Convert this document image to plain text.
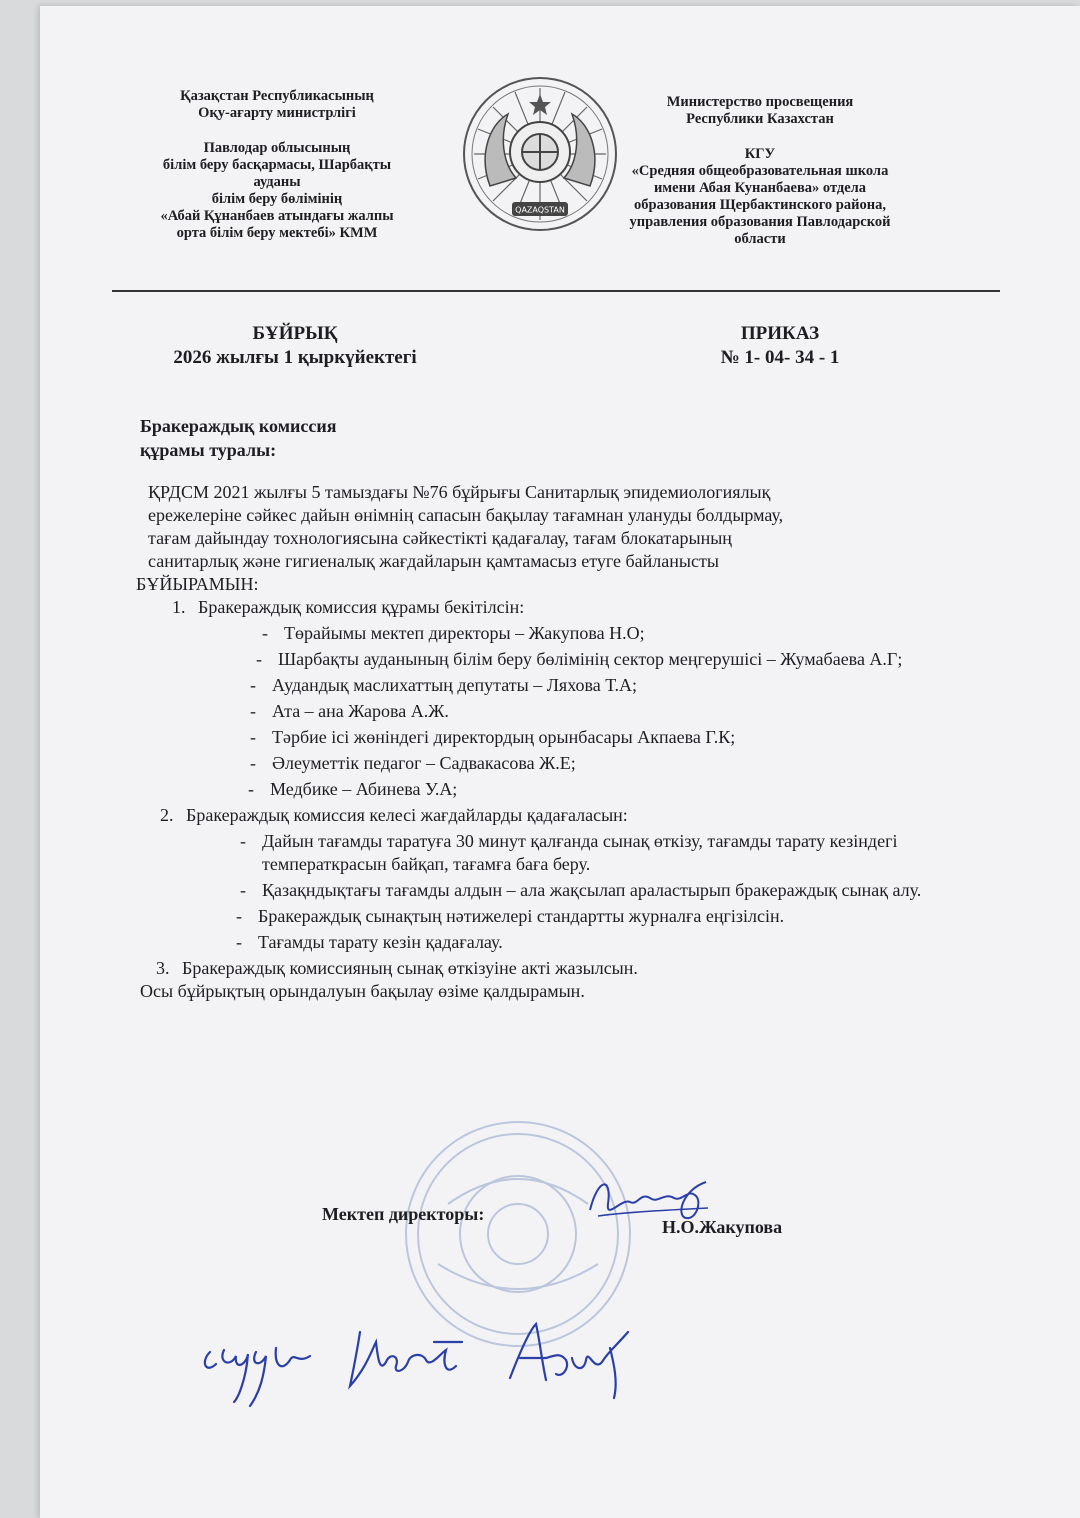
Қазақстан Республикасының
Оқу-ағарту министрлігі
Павлодар облысының
білім беру басқармасы, Шарбақты
ауданы
білім беру бөлімінің
«Абай Құнанбаев атындағы жалпы
орта білім беру мектебі» КММ
QAZAQSTAN
Министерство просвещения
Республики Казахстан
КГУ
«Средняя общеобразовательная школа
имени Абая Кунанбаева» отдела
образования Щербактинского района,
управления образования Павлодарской
области
БҰЙРЫҚ
2026 жылғы 1 қыркүйектегі
ПРИКАЗ
№ 1- 04- 34 - 1
Бракераждық комиссия
құрамы туралы:

ҚРДСМ 2021 жылғы 5 тамыздағы №76 бұйрығы Санитарлық эпидемиологиялық

ережелеріне сәйкес дайын өнімнің сапасын бақылау тағамнан улануды болдырмау,

тағам дайындау тохнологиясына сәйкестікті қадағалау, тағам блокатарының

санитарлық және гигиеналық жағдайларын қамтамасыз етуге байланысты

БҰЙЫРАМЫН:

1. Бракераждық комиссия құрамы бекітілсін:
- Төрайымы мектеп директоры – Жакупова Н.О;
- Шарбақты ауданының білім беру бөлімінің сектор меңгерушісі – Жумабаева А.Г;
- Аудандық маслихаттың депутаты – Ляхова Т.А;
- Ата – ана Жарова А.Ж.
- Тәрбие ісі жөніндегі директордың орынбасары Акпаева Г.К;
- Әлеуметтік педагог – Садвакасова Ж.Е;
- Медбике – Абинева У.А;
2. Бракераждық комиссия келесі жағдайларды қадағаласын:
- Дайын тағамды таратуға 30 минут қалғанда сынақ өткізу, тағамды тарату кезіндегі температкрасын байқап, тағамға баға беру.
- Қазақндықтағы тағамды алдын – ала жақсылап араластырып бракераждық сынақ алу.
- Бракераждық сынақтың нәтижелері стандартты журналға еңгізілсін.
- Тағамды тарату кезін қадағалау.
3. Бракераждық комиссияның сынақ өткізуіне акті жазылсын.

Осы бұйрықтың орындалуын бақылау өзіме қалдырамын.

Мектеп директоры:
Н.О.Жакупова
